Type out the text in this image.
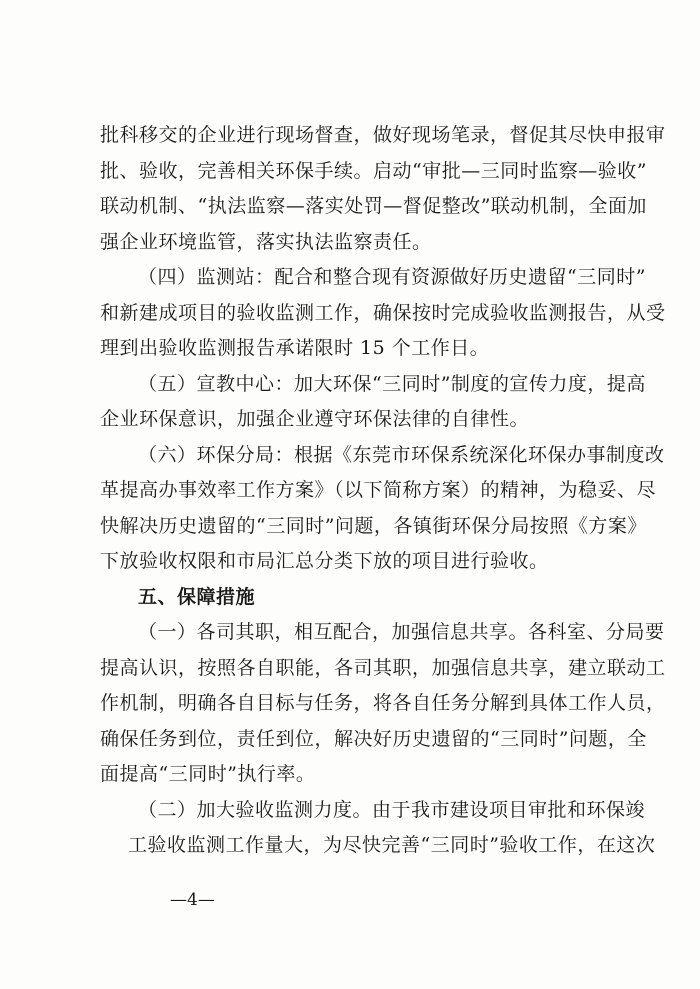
批科移交的企业进行现场督查，做好现场笔录，督促其尽快申报审
批、验收，完善相关环保手续。启动“审批—三同时监察—验收”
联动机制、“执法监察—落实处罚—督促整改”联动机制，全面加
强企业环境监管，落实执法监察责任。
（四）监测站：配合和整合现有资源做好历史遗留“三同时”
和新建成项目的验收监测工作，确保按时完成验收监测报告，从受
理到出验收监测报告承诺限时 15 个工作日。
（五）宣教中心：加大环保“三同时”制度的宣传力度，提高
企业环保意识，加强企业遵守环保法律的自律性。
（六）环保分局：根据《东莞市环保系统深化环保办事制度改
革提高办事效率工作方案》（以下简称方案）的精神，为稳妥、尽
快解决历史遗留的“三同时”问题，各镇街环保分局按照《方案》
下放验收权限和市局汇总分类下放的项目进行验收。
五、保障措施
（一）各司其职，相互配合，加强信息共享。各科室、分局要
提高认识，按照各自职能，各司其职，加强信息共享，建立联动工
作机制，明确各自目标与任务，将各自任务分解到具体工作人员，
确保任务到位，责任到位，解决好历史遗留的“三同时”问题，全
面提高“三同时”执行率。
（二）加大验收监测力度。由于我市建设项目审批和环保竣
工验收监测工作量大，为尽快完善“三同时”验收工作，在这次
—4—
